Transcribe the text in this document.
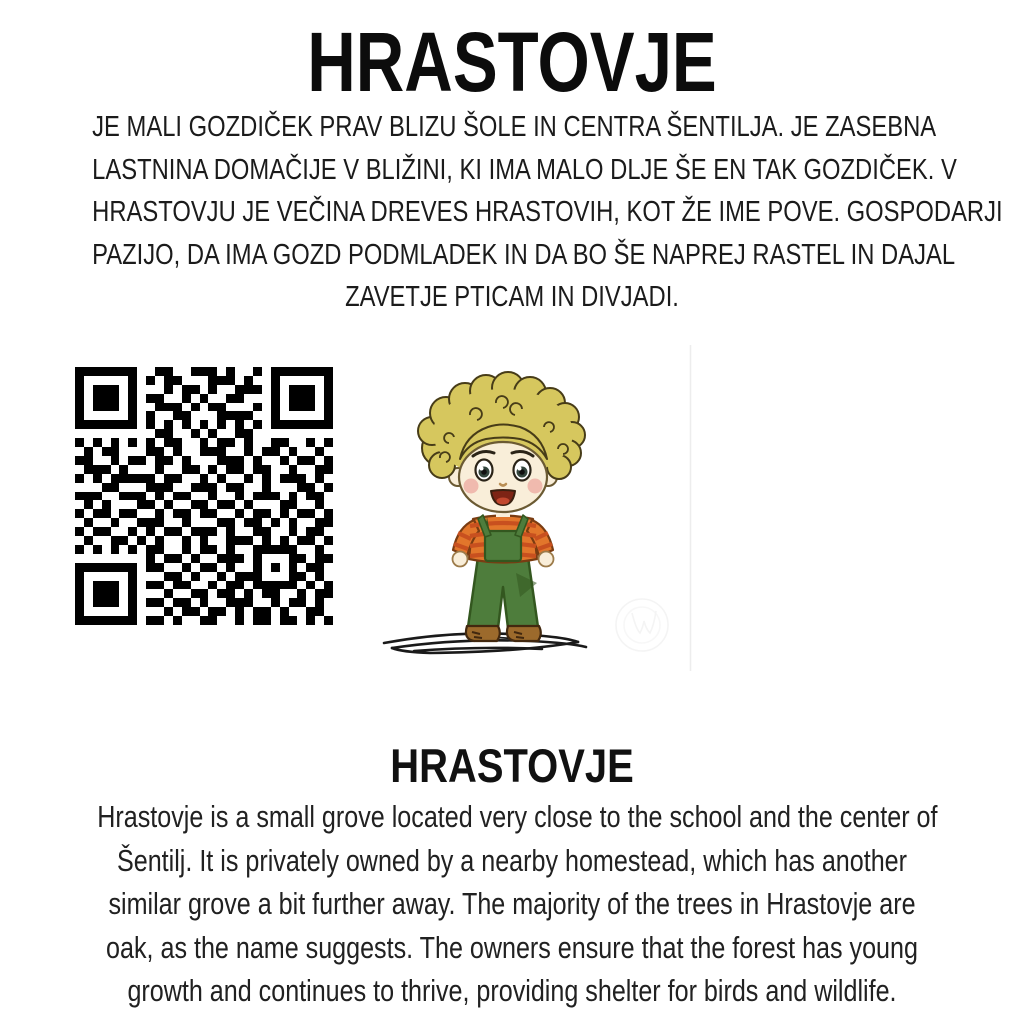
HRASTOVJE
JE MALI GOZDIČEK PRAV BLIZU ŠOLE IN CENTRA ŠENTILJA. JE ZASEBNA
LASTNINA DOMAČIJE V BLIŽINI, KI IMA MALO DLJE ŠE EN TAK GOZDIČEK. V
HRASTOVJU JE VEČINA DREVES HRASTOVIH, KOT ŽE IME POVE. GOSPODARJI
PAZIJO, DA IMA GOZD PODMLADEK IN DA BO ŠE NAPREJ RASTEL IN DAJAL
ZAVETJE PTICAM IN DIVJADI.
HRASTOVJE
Hrastovje is a small grove located very close to the school and the center of
Šentilj. It is privately owned by a nearby homestead, which has another
similar grove a bit further away. The majority of the trees in Hrastovje are
oak, as the name suggests. The owners ensure that the forest has young
growth and continues to thrive, providing shelter for birds and wildlife.
